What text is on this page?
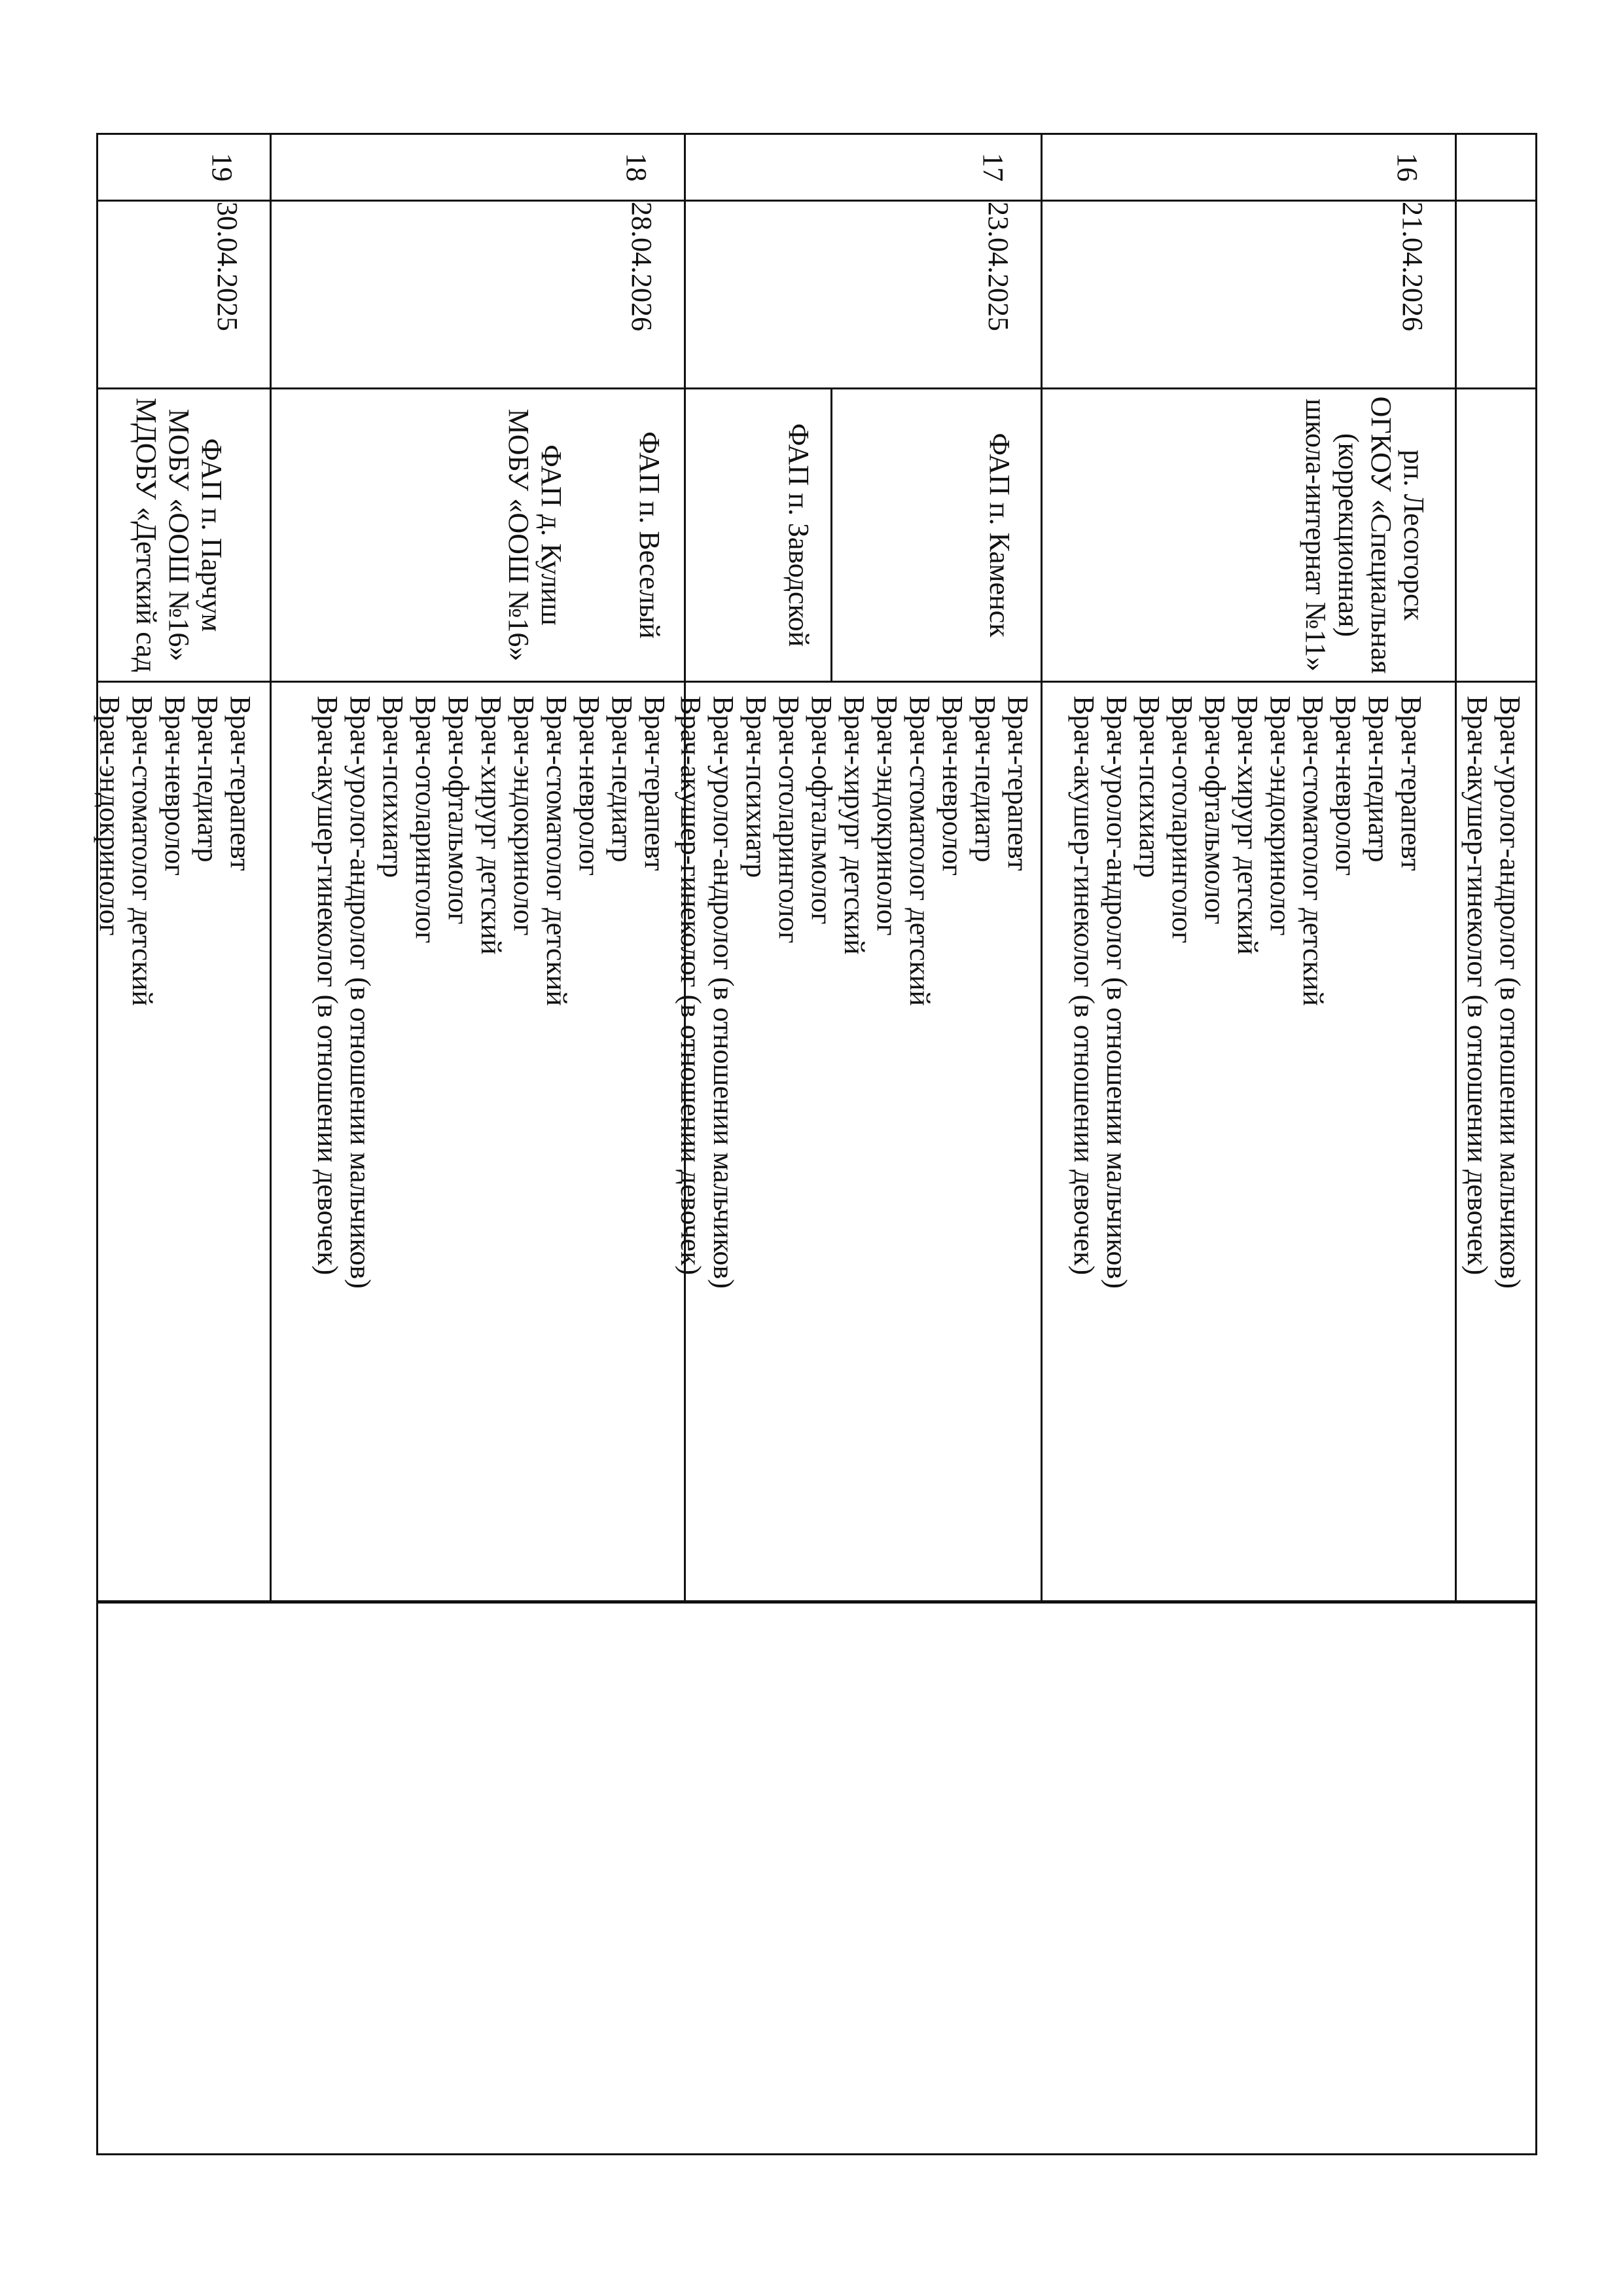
Врач-уролог-андролог (в отношении мальчиков)
Врач-акушер-гинеколог (в отношении девочек)
16
21.04.2026
рп. Лесогорск
ОГКОУ «Специальная
(коррекционная)
школа-интернат №11»
Врач-терапевт
Врач-педиатр
Врач-невролог
Врач-стоматолог детский
Врач-эндокринолог
Врач-хирург детский
Врач-офтальмолог
Врач-отоларинголог
Врач-психиатр
Врач-уролог-андролог (в отношении мальчиков)
Врач-акушер-гинеколог (в отношении девочек)
17
23.04.2025
ФАП п. Каменск
ФАП п. Заводской
Врач-терапевт
Врач-педиатр
Врач-невролог
Врач-стоматолог детский
Врач-эндокринолог
Врач-хирург детский
Врач-офтальмолог
Врач-отоларинголог
Врач-психиатр
Врач-уролог-андролог (в отношении мальчиков)
Врач-акушер-гинеколог (в отношении девочек)
18
28.04.2026
ФАП п. Веселый
ФАП д. Кулиш
МОБУ «ООШ №16»
Врач-терапевт
Врач-педиатр
Врач-невролог
Врач-стоматолог детский
Врач-эндокринолог
Врач-хирург детский
Врач-офтальмолог
Врач-отоларинголог
Врач-психиатр
Врач-уролог-андролог (в отношении мальчиков)
Врач-акушер-гинеколог (в отношении девочек)
19
30.04.2025
ФАП п. Парчум
МОБУ «ООШ №16»
МДОБУ «Детский сад
Врач-терапевт
Врач-педиатр
Врач-невролог
Врач-стоматолог детский
Врач-эндокринолог
